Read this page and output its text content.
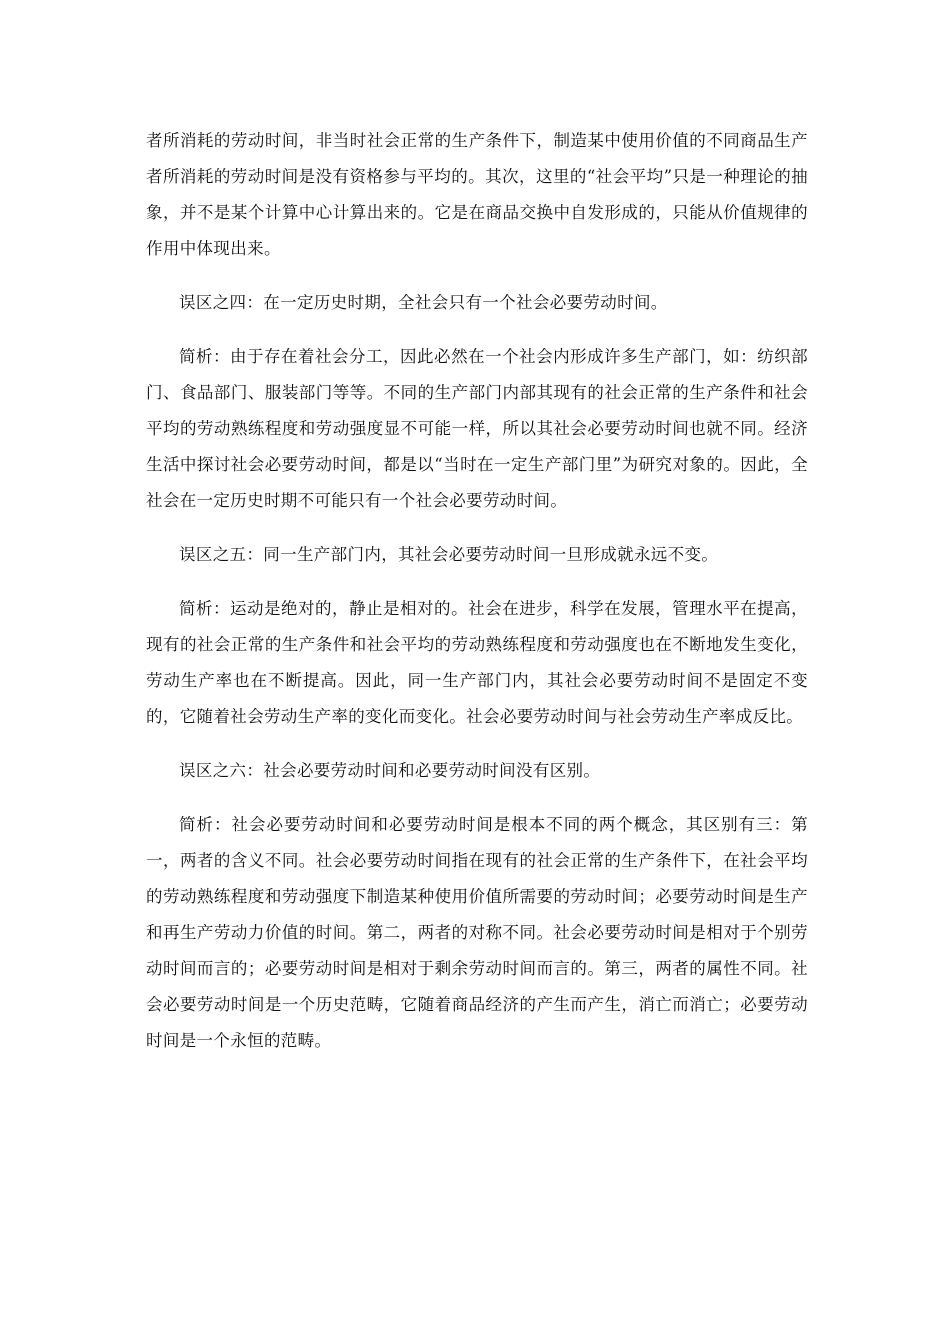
者所消耗的劳动时间，非当时社会正常的生产条件下，制造某中使用价值的不同商品生产者所消耗的劳动时间是没有资格参与平均的。其次，这里的“社会平均”只是一种理论的抽象，并不是某个计算中心计算出来的。它是在商品交换中自发形成的，只能从价值规律的作用中体现出来。

误区之四：在一定历史时期，全社会只有一个社会必要劳动时间。

简析：由于存在着社会分工，因此必然在一个社会内形成许多生产部门，如：纺织部门、食品部门、服装部门等等。不同的生产部门内部其现有的社会正常的生产条件和社会平均的劳动熟练程度和劳动强度显不可能一样，所以其社会必要劳动时间也就不同。经济生活中探讨社会必要劳动时间，都是以“当时在一定生产部门里”为研究对象的。因此，全社会在一定历史时期不可能只有一个社会必要劳动时间。

误区之五：同一生产部门内，其社会必要劳动时间一旦形成就永远不变。

简析：运动是绝对的，静止是相对的。社会在进步，科学在发展，管理水平在提高，现有的社会正常的生产条件和社会平均的劳动熟练程度和劳动强度也在不断地发生变化，劳动生产率也在不断提高。因此，同一生产部门内，其社会必要劳动时间不是固定不变的，它随着社会劳动生产率的变化而变化。社会必要劳动时间与社会劳动生产率成反比。

误区之六：社会必要劳动时间和必要劳动时间没有区别。

简析：社会必要劳动时间和必要劳动时间是根本不同的两个概念，其区别有三：第一，两者的含义不同。社会必要劳动时间指在现有的社会正常的生产条件下，在社会平均的劳动熟练程度和劳动强度下制造某种使用价值所需要的劳动时间；必要劳动时间是生产和再生产劳动力价值的时间。第二，两者的对称不同。社会必要劳动时间是相对于个别劳动时间而言的；必要劳动时间是相对于剩余劳动时间而言的。第三，两者的属性不同。社会必要劳动时间是一个历史范畴，它随着商品经济的产生而产生，消亡而消亡；必要劳动时间是一个永恒的范畴。
